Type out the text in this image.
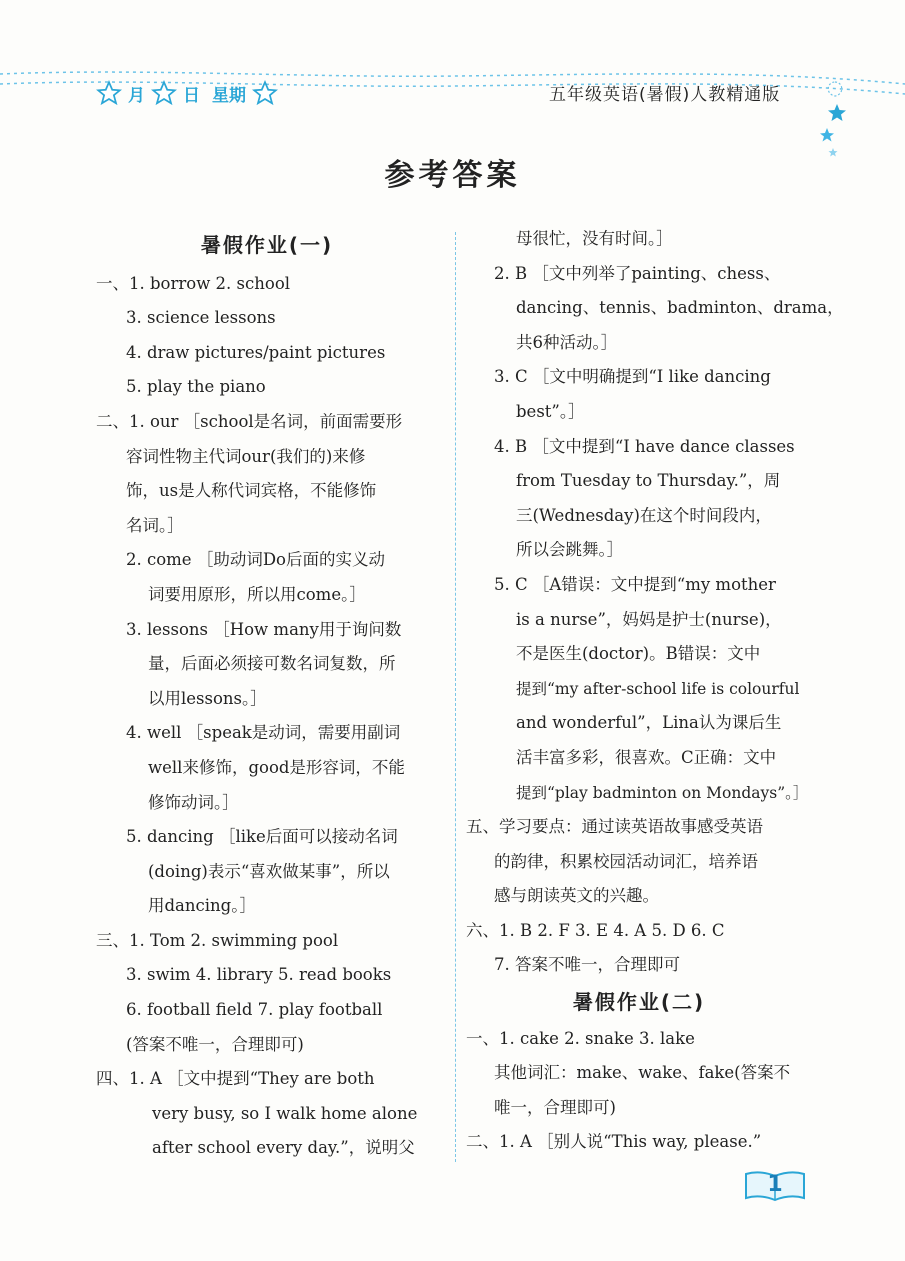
月 日 星期	五年级英语(暑假)人教精通版
参考答案
暑假作业(一)
一、1. borrow 2. school
3. science lessons
4. draw pictures/paint pictures
5. play the piano
二、1. our ［school是名词，前面需要形
容词性物主代词our(我们的)来修
饰，us是人称代词宾格，不能修饰
名词。］
2. come ［助动词Do后面的实义动
词要用原形，所以用come。］
3. lessons ［How many用于询问数
量，后面必须接可数名词复数，所
以用lessons。］
4. well ［speak是动词，需要用副词
well来修饰，good是形容词，不能
修饰动词。］
5. dancing ［like后面可以接动名词
(doing)表示“喜欢做某事”，所以
用dancing。］
三、1. Tom 2. swimming pool
3. swim 4. library 5. read books
6. football field 7. play football
(答案不唯一，合理即可)
四、1. A ［文中提到“They are both
very busy, so I walk home alone
after school every day.”，说明父
母很忙，没有时间。］
2. B ［文中列举了painting、chess、
dancing、tennis、badminton、drama，
共6种活动。］
3. C ［文中明确提到“I like dancing
best”。］
4. B ［文中提到“I have dance classes
from Tuesday to Thursday.”，周
三(Wednesday)在这个时间段内，
所以会跳舞。］
5. C ［A错误：文中提到“my mother
is a nurse”，妈妈是护士(nurse)，
不是医生(doctor)。B错误：文中
提到“my after-school life is colourful
and wonderful”，Lina认为课后生
活丰富多彩，很喜欢。C正确：文中
提到“play badminton on Mondays”。］
五、学习要点：通过读英语故事感受英语
的韵律，积累校园活动词汇，培养语
感与朗读英文的兴趣。
六、1. B 2. F 3. E 4. A 5. D 6. C
7. 答案不唯一，合理即可
暑假作业(二)
一、1. cake 2. snake 3. lake
其他词汇：make、wake、fake(答案不
唯一，合理即可)
二、1. A ［别人说“This way, please.”
1
